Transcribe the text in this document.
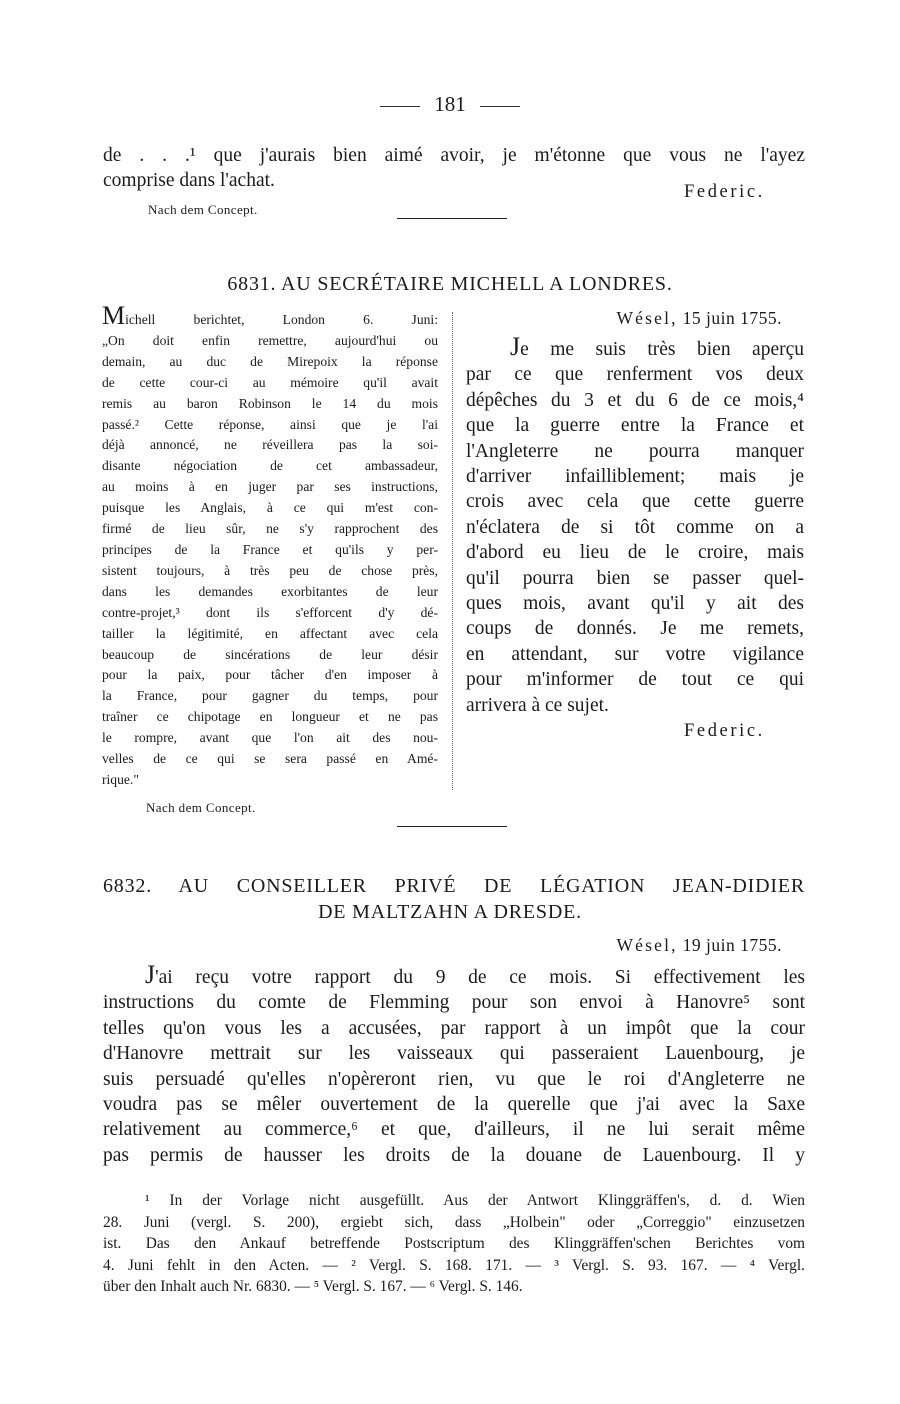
181
de . . .¹ que j'aurais bien aimé avoir, je m'étonne que vous ne l'ayez
comprise dans l'achat.
Federic.
Nach dem Concept.
6831. AU SECRÉTAIRE MICHELL A LONDRES.
Michell berichtet, London 6. Juni:
„On doit enfin remettre, aujourd'hui ou
demain, au duc de Mirepoix la réponse
de cette cour-ci au mémoire qu'il avait
remis au baron Robinson le 14 du mois
passé.² Cette réponse, ainsi que je l'ai
déjà annoncé, ne réveillera pas la soi-
disante négociation de cet ambassadeur,
au moins à en juger par ses instructions,
puisque les Anglais, à ce qui m'est con-
firmé de lieu sûr, ne s'y rapprochent des
principes de la France et qu'ils y per-
sistent toujours, à très peu de chose près,
dans les demandes exorbitantes de leur
contre-projet,³ dont ils s'efforcent d'y dé-
tailler la légitimité, en affectant avec cela
beaucoup de sincérations de leur désir
pour la paix, pour tâcher d'en imposer à
la France, pour gagner du temps, pour
traîner ce chipotage en longueur et ne pas
le rompre, avant que l'on ait des nou-
velles de ce qui se sera passé en Amé-
rique."
Nach dem Concept.
Wésel, 15 juin 1755.
Je me suis très bien aperçu
par ce que renferment vos deux
dépêches du 3 et du 6 de ce mois,⁴
que la guerre entre la France et
l'Angleterre ne pourra manquer
d'arriver infailliblement; mais je
crois avec cela que cette guerre
n'éclatera de si tôt comme on a
d'abord eu lieu de le croire, mais
qu'il pourra bien se passer quel-
ques mois, avant qu'il y ait des
coups de donnés. Je me remets,
en attendant, sur votre vigilance
pour m'informer de tout ce qui
arrivera à ce sujet.
Federic.
6832. AU CONSEILLER PRIVÉ DE LÉGATION JEAN-DIDIER
DE MALTZAHN A DRESDE.
Wésel, 19 juin 1755.
J'ai reçu votre rapport du 9 de ce mois. Si effectivement les
instructions du comte de Flemming pour son envoi à Hanovre⁵ sont
telles qu'on vous les a accusées, par rapport à un impôt que la cour
d'Hanovre mettrait sur les vaisseaux qui passeraient Lauenbourg, je
suis persuadé qu'elles n'opèreront rien, vu que le roi d'Angleterre ne
voudra pas se mêler ouvertement de la querelle que j'ai avec la Saxe
relativement au commerce,⁶ et que, d'ailleurs, il ne lui serait même
pas permis de hausser les droits de la douane de Lauenbourg. Il y
¹ In der Vorlage nicht ausgefüllt. Aus der Antwort Klinggräffen's, d. d. Wien
28. Juni (vergl. S. 200), ergiebt sich, dass „Holbein" oder „Correggio" einzusetzen
ist. Das den Ankauf betreffende Postscriptum des Klinggräffen'schen Berichtes vom
4. Juni fehlt in den Acten. — ² Vergl. S. 168. 171. — ³ Vergl. S. 93. 167. — ⁴ Vergl.
über den Inhalt auch Nr. 6830. — ⁵ Vergl. S. 167. — ⁶ Vergl. S. 146.
